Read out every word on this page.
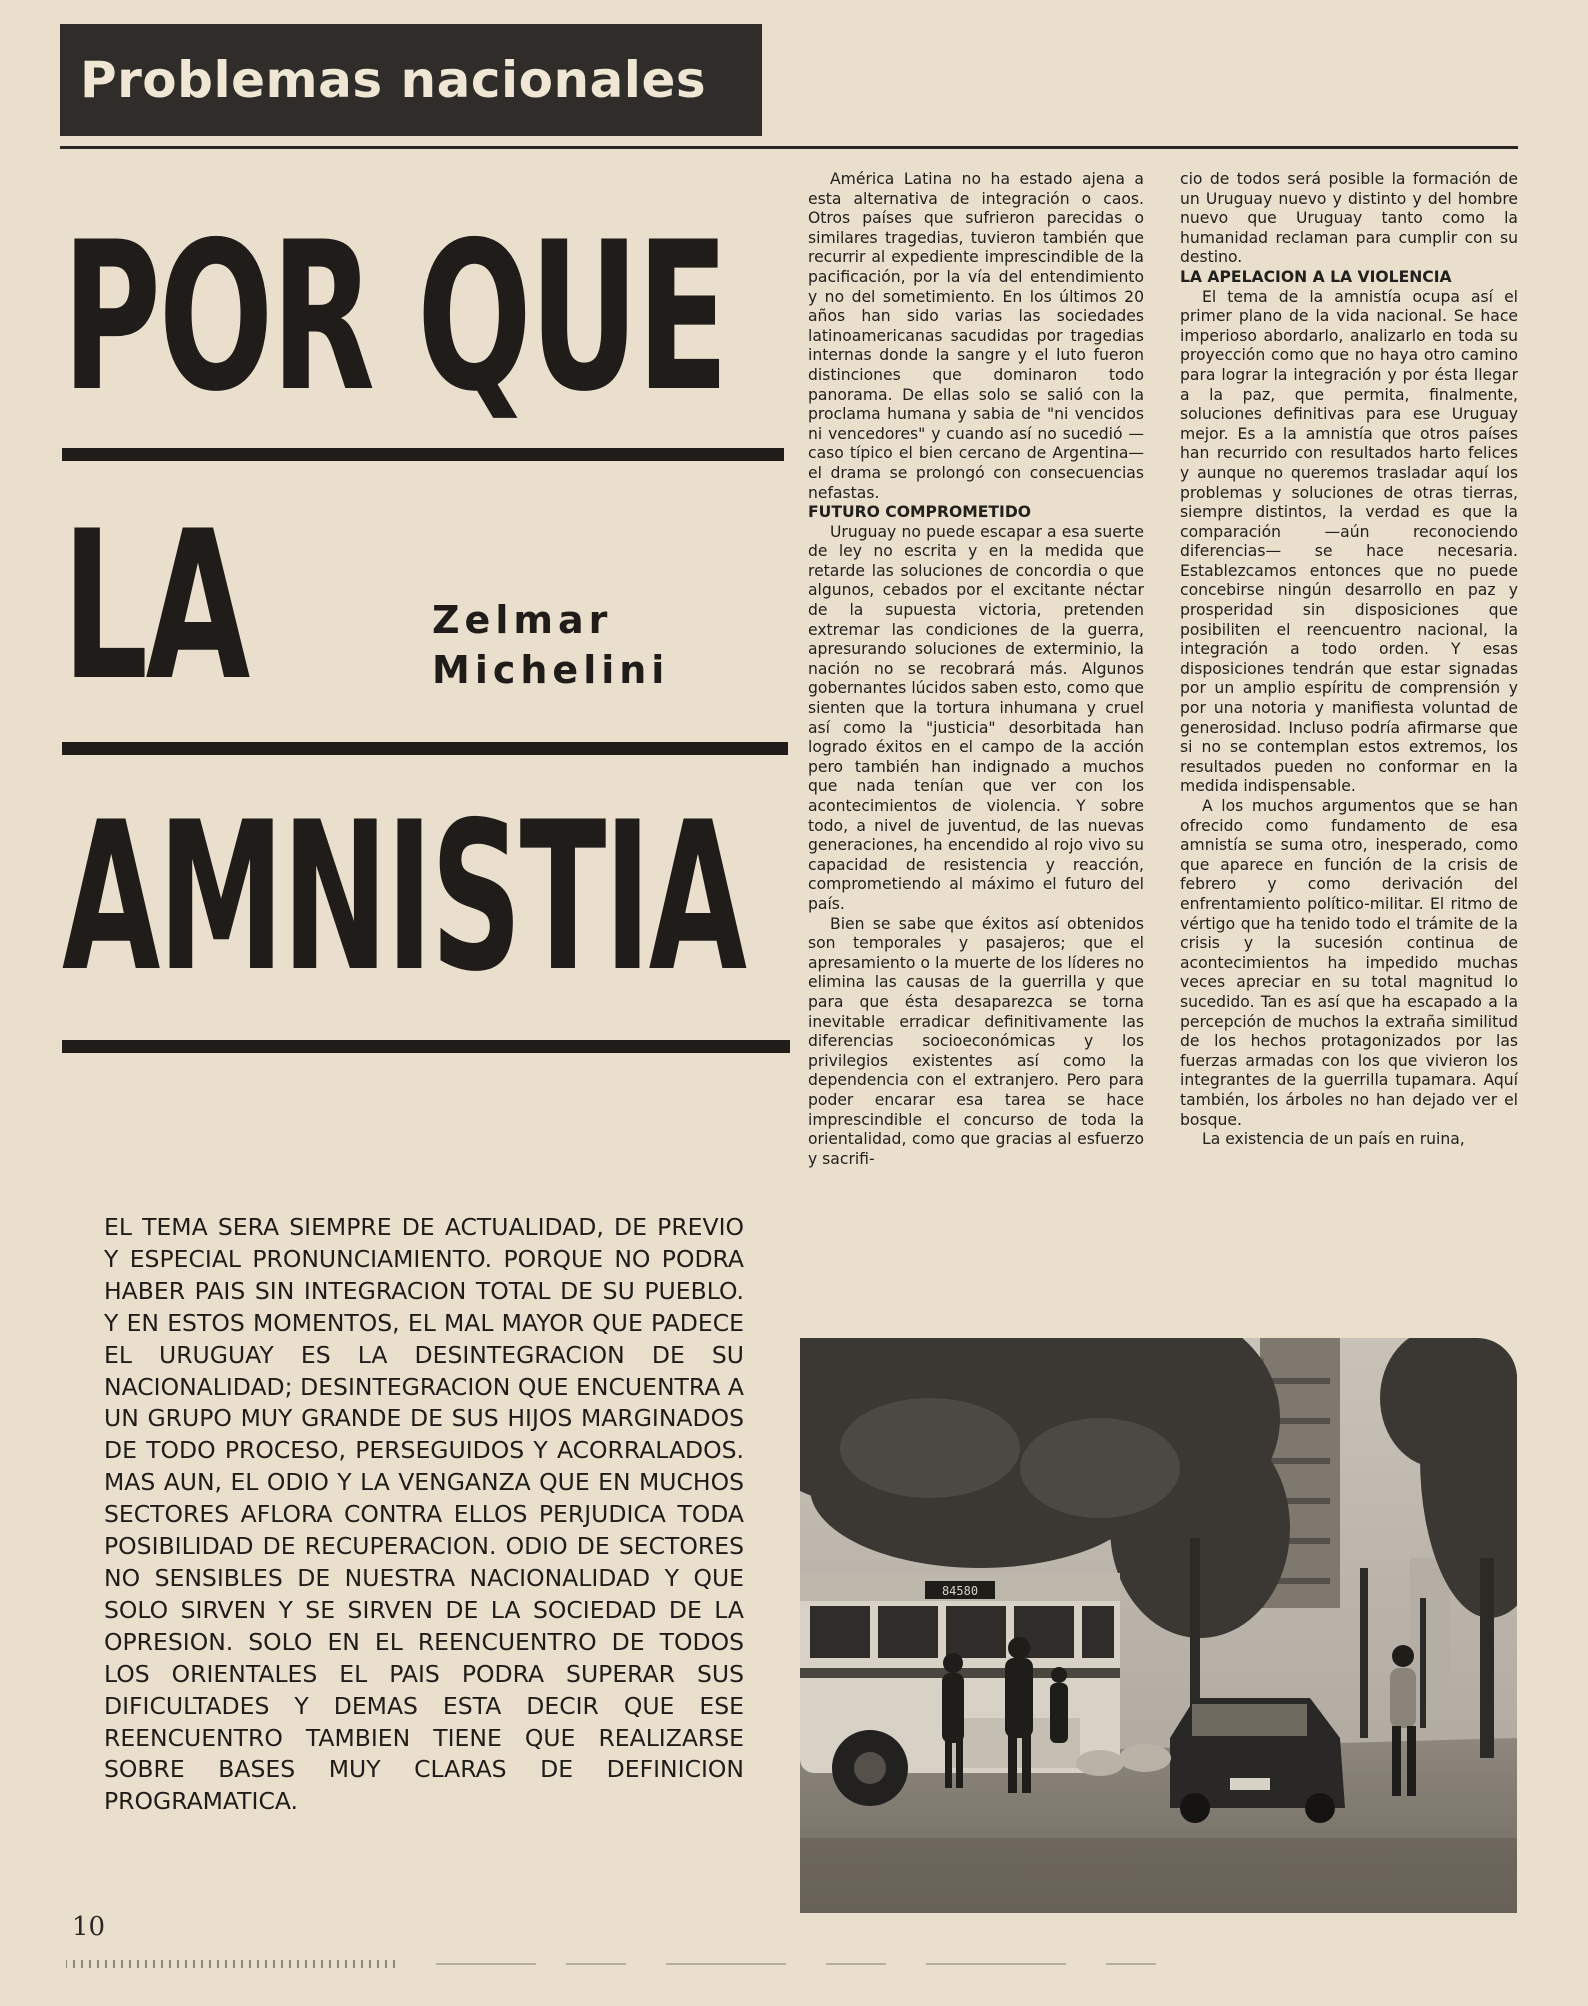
Problemas nacionales
POR QUE
LA	Zelmar
Michelini
AMNISTIA
EL TEMA SERA SIEMPRE DE ACTUALIDAD, DE PREVIO Y ESPECIAL PRONUNCIAMIENTO. PORQUE NO PODRA HABER PAIS SIN INTEGRACION TOTAL DE SU PUEBLO. Y EN ESTOS MOMENTOS, EL MAL MAYOR QUE PADECE EL URUGUAY ES LA DESINTEGRACION DE SU NACIONALIDAD; DESINTEGRACION QUE ENCUENTRA A UN GRUPO MUY GRANDE DE SUS HIJOS MARGINADOS DE TODO PROCESO, PERSEGUIDOS Y ACORRALADOS. MAS AUN, EL ODIO Y LA VENGANZA QUE EN MUCHOS SECTORES AFLORA CONTRA ELLOS PERJUDICA TODA POSIBILIDAD DE RECUPERACION. ODIO DE SECTORES NO SENSIBLES DE NUESTRA NACIONALIDAD Y QUE SOLO SIRVEN Y SE SIRVEN DE LA SOCIEDAD DE LA OPRESION. SOLO EN EL REENCUENTRO DE TODOS LOS ORIENTALES EL PAIS PODRA SUPERAR SUS DIFICULTADES Y DEMAS ESTA DECIR QUE ESE REENCUENTRO TAMBIEN TIENE QUE REALIZARSE SOBRE BASES MUY CLARAS DE DEFINICION PROGRAMATICA.

América Latina no ha estado ajena a esta alternativa de integración o caos. Otros países que sufrieron parecidas o similares tragedias, tuvieron también que recurrir al expediente imprescindible de la pacificación, por la vía del entendimiento y no del sometimiento. En los últimos 20 años han sido varias las sociedades latinoamericanas sacudidas por tragedias internas donde la sangre y el luto fueron distinciones que dominaron todo panorama. De ellas solo se salió con la proclama humana y sabia de "ni vencidos ni vencedores" y cuando así no sucedió —caso típico el bien cercano de Argentina— el drama se prolongó con consecuencias nefastas.

FUTURO COMPROMETIDO

Uruguay no puede escapar a esa suerte de ley no escrita y en la medida que retarde las soluciones de concordia o que algunos, cebados por el excitante néctar de la supuesta victoria, pretenden extremar las condiciones de la guerra, apresurando soluciones de exterminio, la nación no se recobrará más. Algunos gobernantes lúcidos saben esto, como que sienten que la tortura inhumana y cruel así como la "justicia" desorbitada han logrado éxitos en el campo de la acción pero también han indignado a muchos que nada tenían que ver con los acontecimientos de violencia. Y sobre todo, a nivel de juventud, de las nuevas generaciones, ha encendido al rojo vivo su capacidad de resistencia y reacción, comprometiendo al máximo el futuro del país.

Bien se sabe que éxitos así obtenidos son temporales y pasajeros; que el apresamiento o la muerte de los líderes no elimina las causas de la guerrilla y que para que ésta desaparezca se torna inevitable erradicar definitivamente las diferencias socioeconómicas y los privilegios existentes así como la dependencia con el extranjero. Pero para poder encarar esa tarea se hace imprescindible el concurso de toda la orientalidad, como que gracias al esfuerzo y sacrifi-

cio de todos será posible la formación de un Uruguay nuevo y distinto y del hombre nuevo que Uruguay tanto como la humanidad reclaman para cumplir con su destino.

LA APELACION A LA VIOLENCIA

El tema de la amnistía ocupa así el primer plano de la vida nacional. Se hace imperioso abordarlo, analizarlo en toda su proyección como que no haya otro camino para lograr la integración y por ésta llegar a la paz, que permita, finalmente, soluciones definitivas para ese Uruguay mejor. Es a la amnistía que otros países han recurrido con resultados harto felices y aunque no queremos trasladar aquí los problemas y soluciones de otras tierras, siempre distintos, la verdad es que la comparación —aún reconociendo diferencias— se hace necesaria. Establezcamos entonces que no puede concebirse ningún desarrollo en paz y prosperidad sin disposiciones que posibiliten el reencuentro nacional, la integración a todo orden. Y esas disposiciones tendrán que estar signadas por un amplio espíritu de comprensión y por una notoria y manifiesta voluntad de generosidad. Incluso podría afirmarse que si no se contemplan estos extremos, los resultados pueden no conformar en la medida indispensable.

A los muchos argumentos que se han ofrecido como fundamento de esa amnistía se suma otro, inesperado, como que aparece en función de la crisis de febrero y como derivación del enfrentamiento político-militar. El ritmo de vértigo que ha tenido todo el trámite de la crisis y la sucesión continua de acontecimientos ha impedido muchas veces apreciar en su total magnitud lo sucedido. Tan es así que ha escapado a la percepción de muchos la extraña similitud de los hechos protagonizados por las fuerzas armadas con los que vivieron los integrantes de la guerrilla tupamara. Aquí también, los árboles no han dejado ver el bosque.

La existencia de un país en ruina,

84580
10
